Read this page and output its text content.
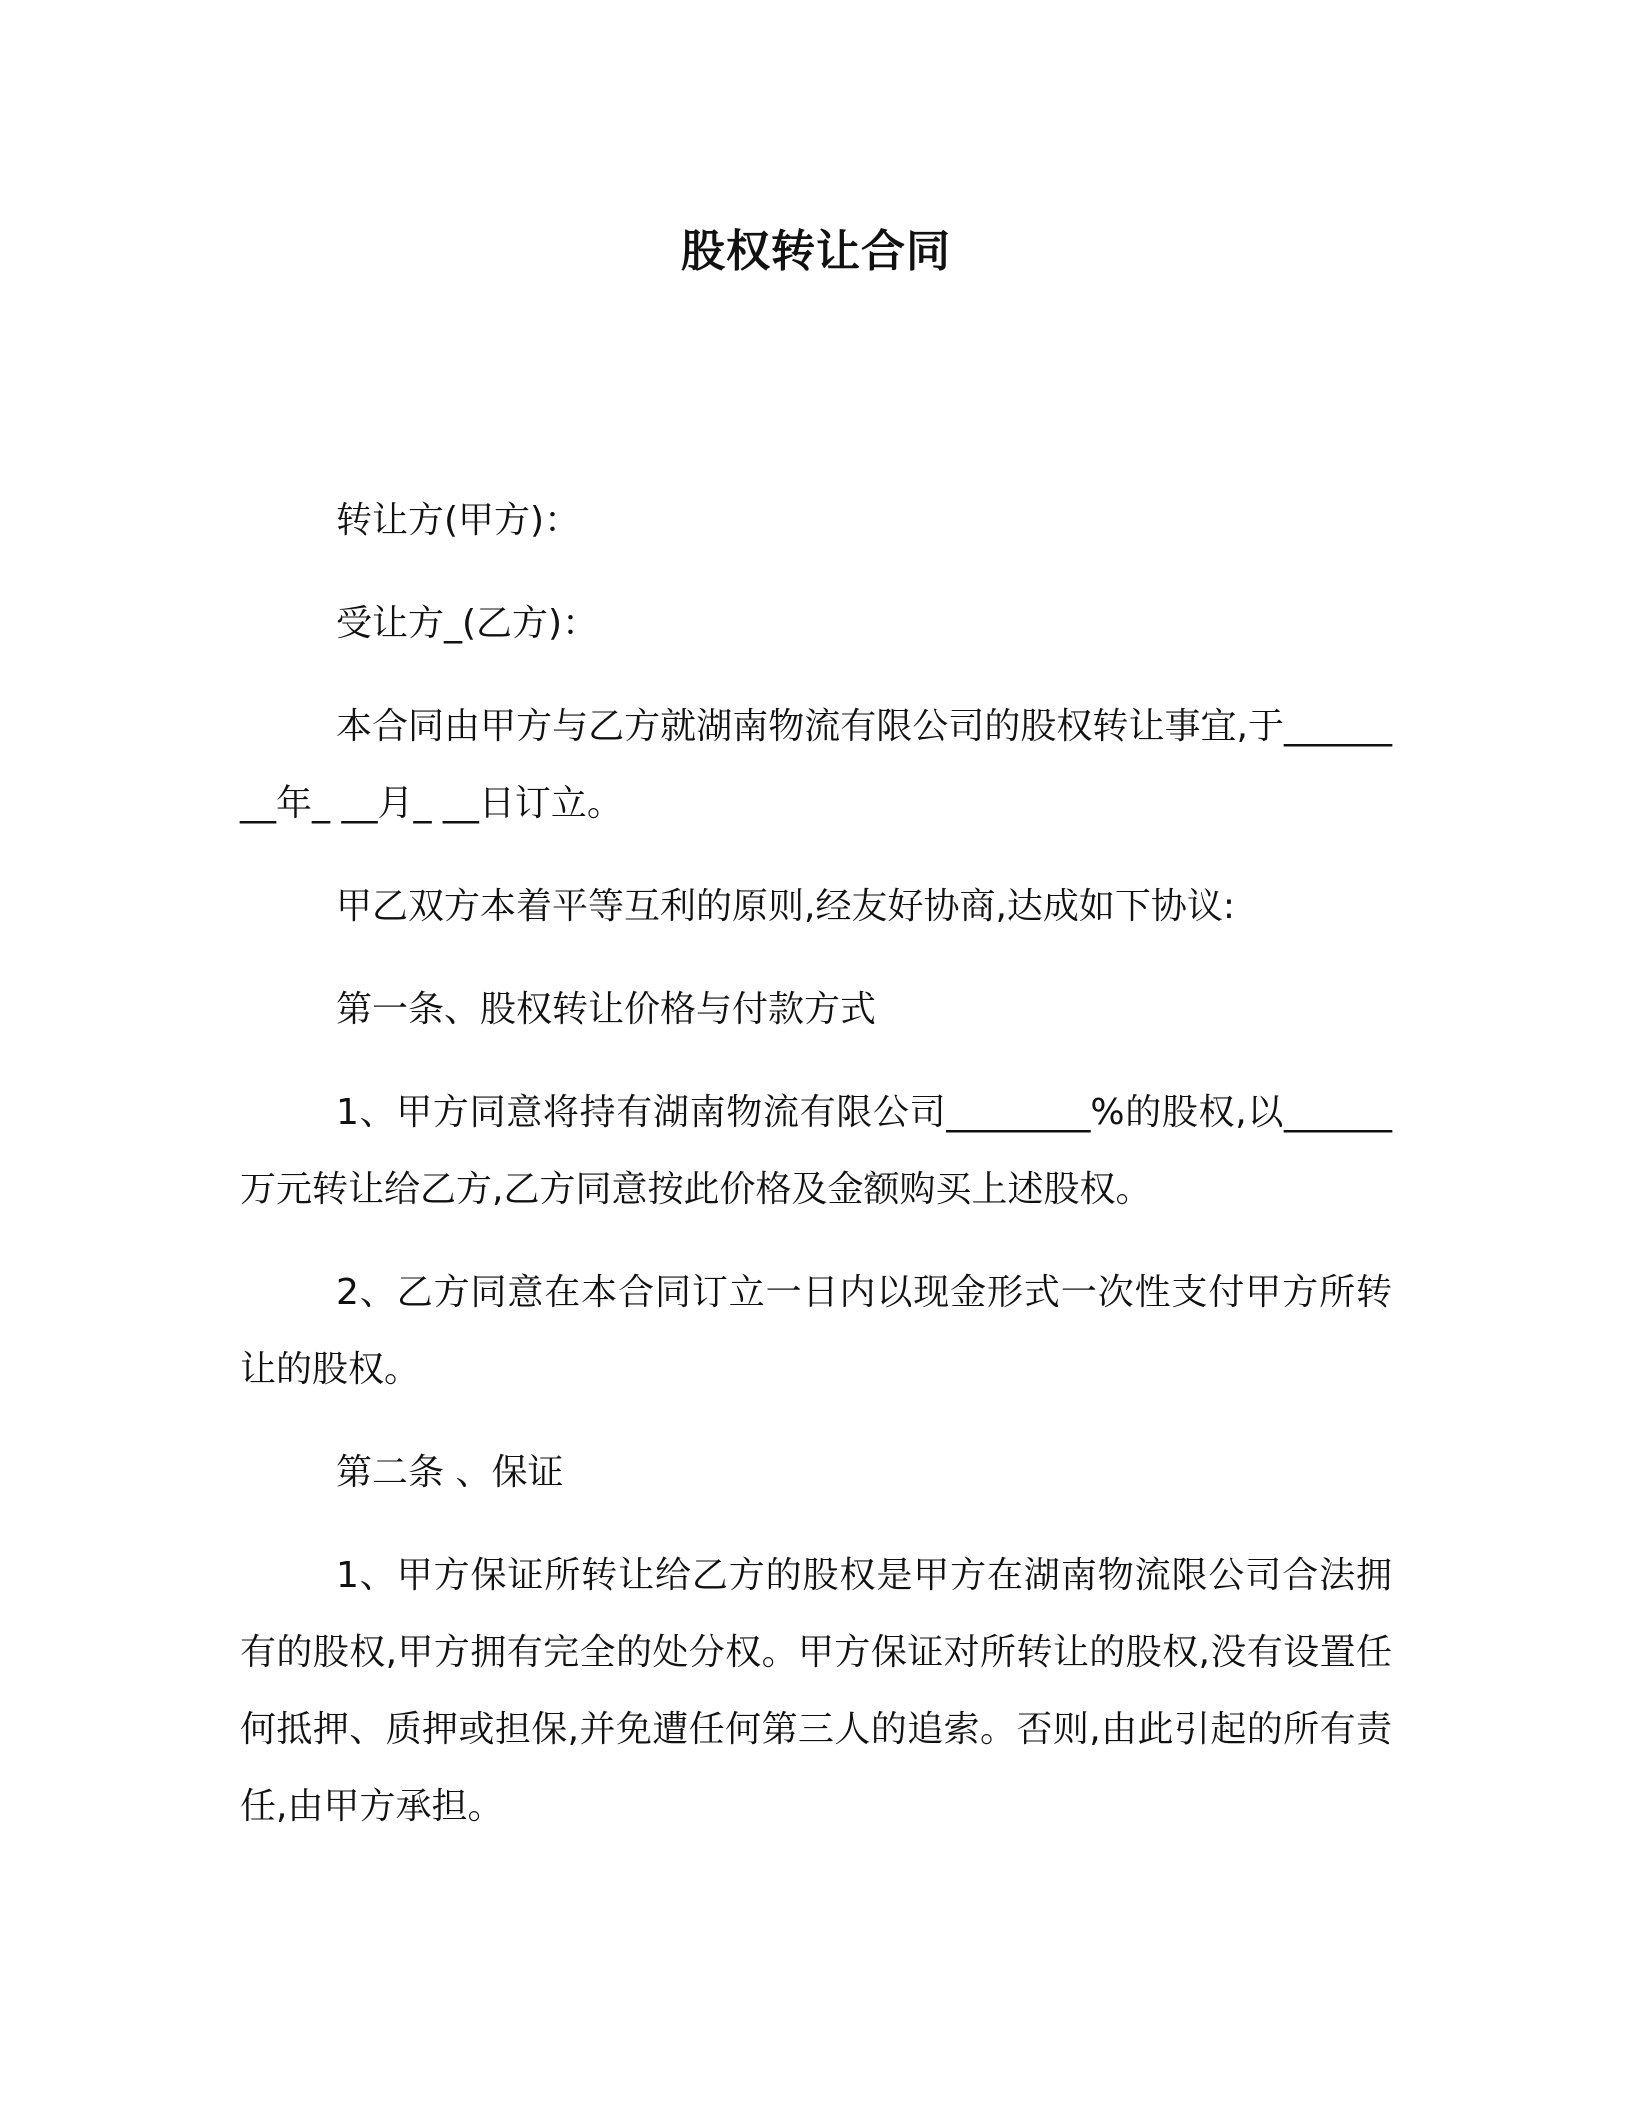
股权转让合同

转让方(甲方)：

受让方_(乙方)：

本合同由甲方与乙方就湖南物流有限公司的股权转让事宜,于________年_ __月_ __日订立。

甲乙双方本着平等互利的原则,经友好协商,达成如下协议:

第一条、股权转让价格与付款方式

1、甲方同意将持有湖南物流有限公司________%的股权,以______万元转让给乙方,乙方同意按此价格及金额购买上述股权。

2、乙方同意在本合同订立一日内以现金形式一次性支付甲方所转让的股权。

第二条 、保证

1、甲方保证所转让给乙方的股权是甲方在湖南物流限公司合法拥有的股权,甲方拥有完全的处分权。甲方保证对所转让的股权,没有设置任何抵押、质押或担保,并免遭任何第三人的追索。否则,由此引起的所有责任,由甲方承担。
